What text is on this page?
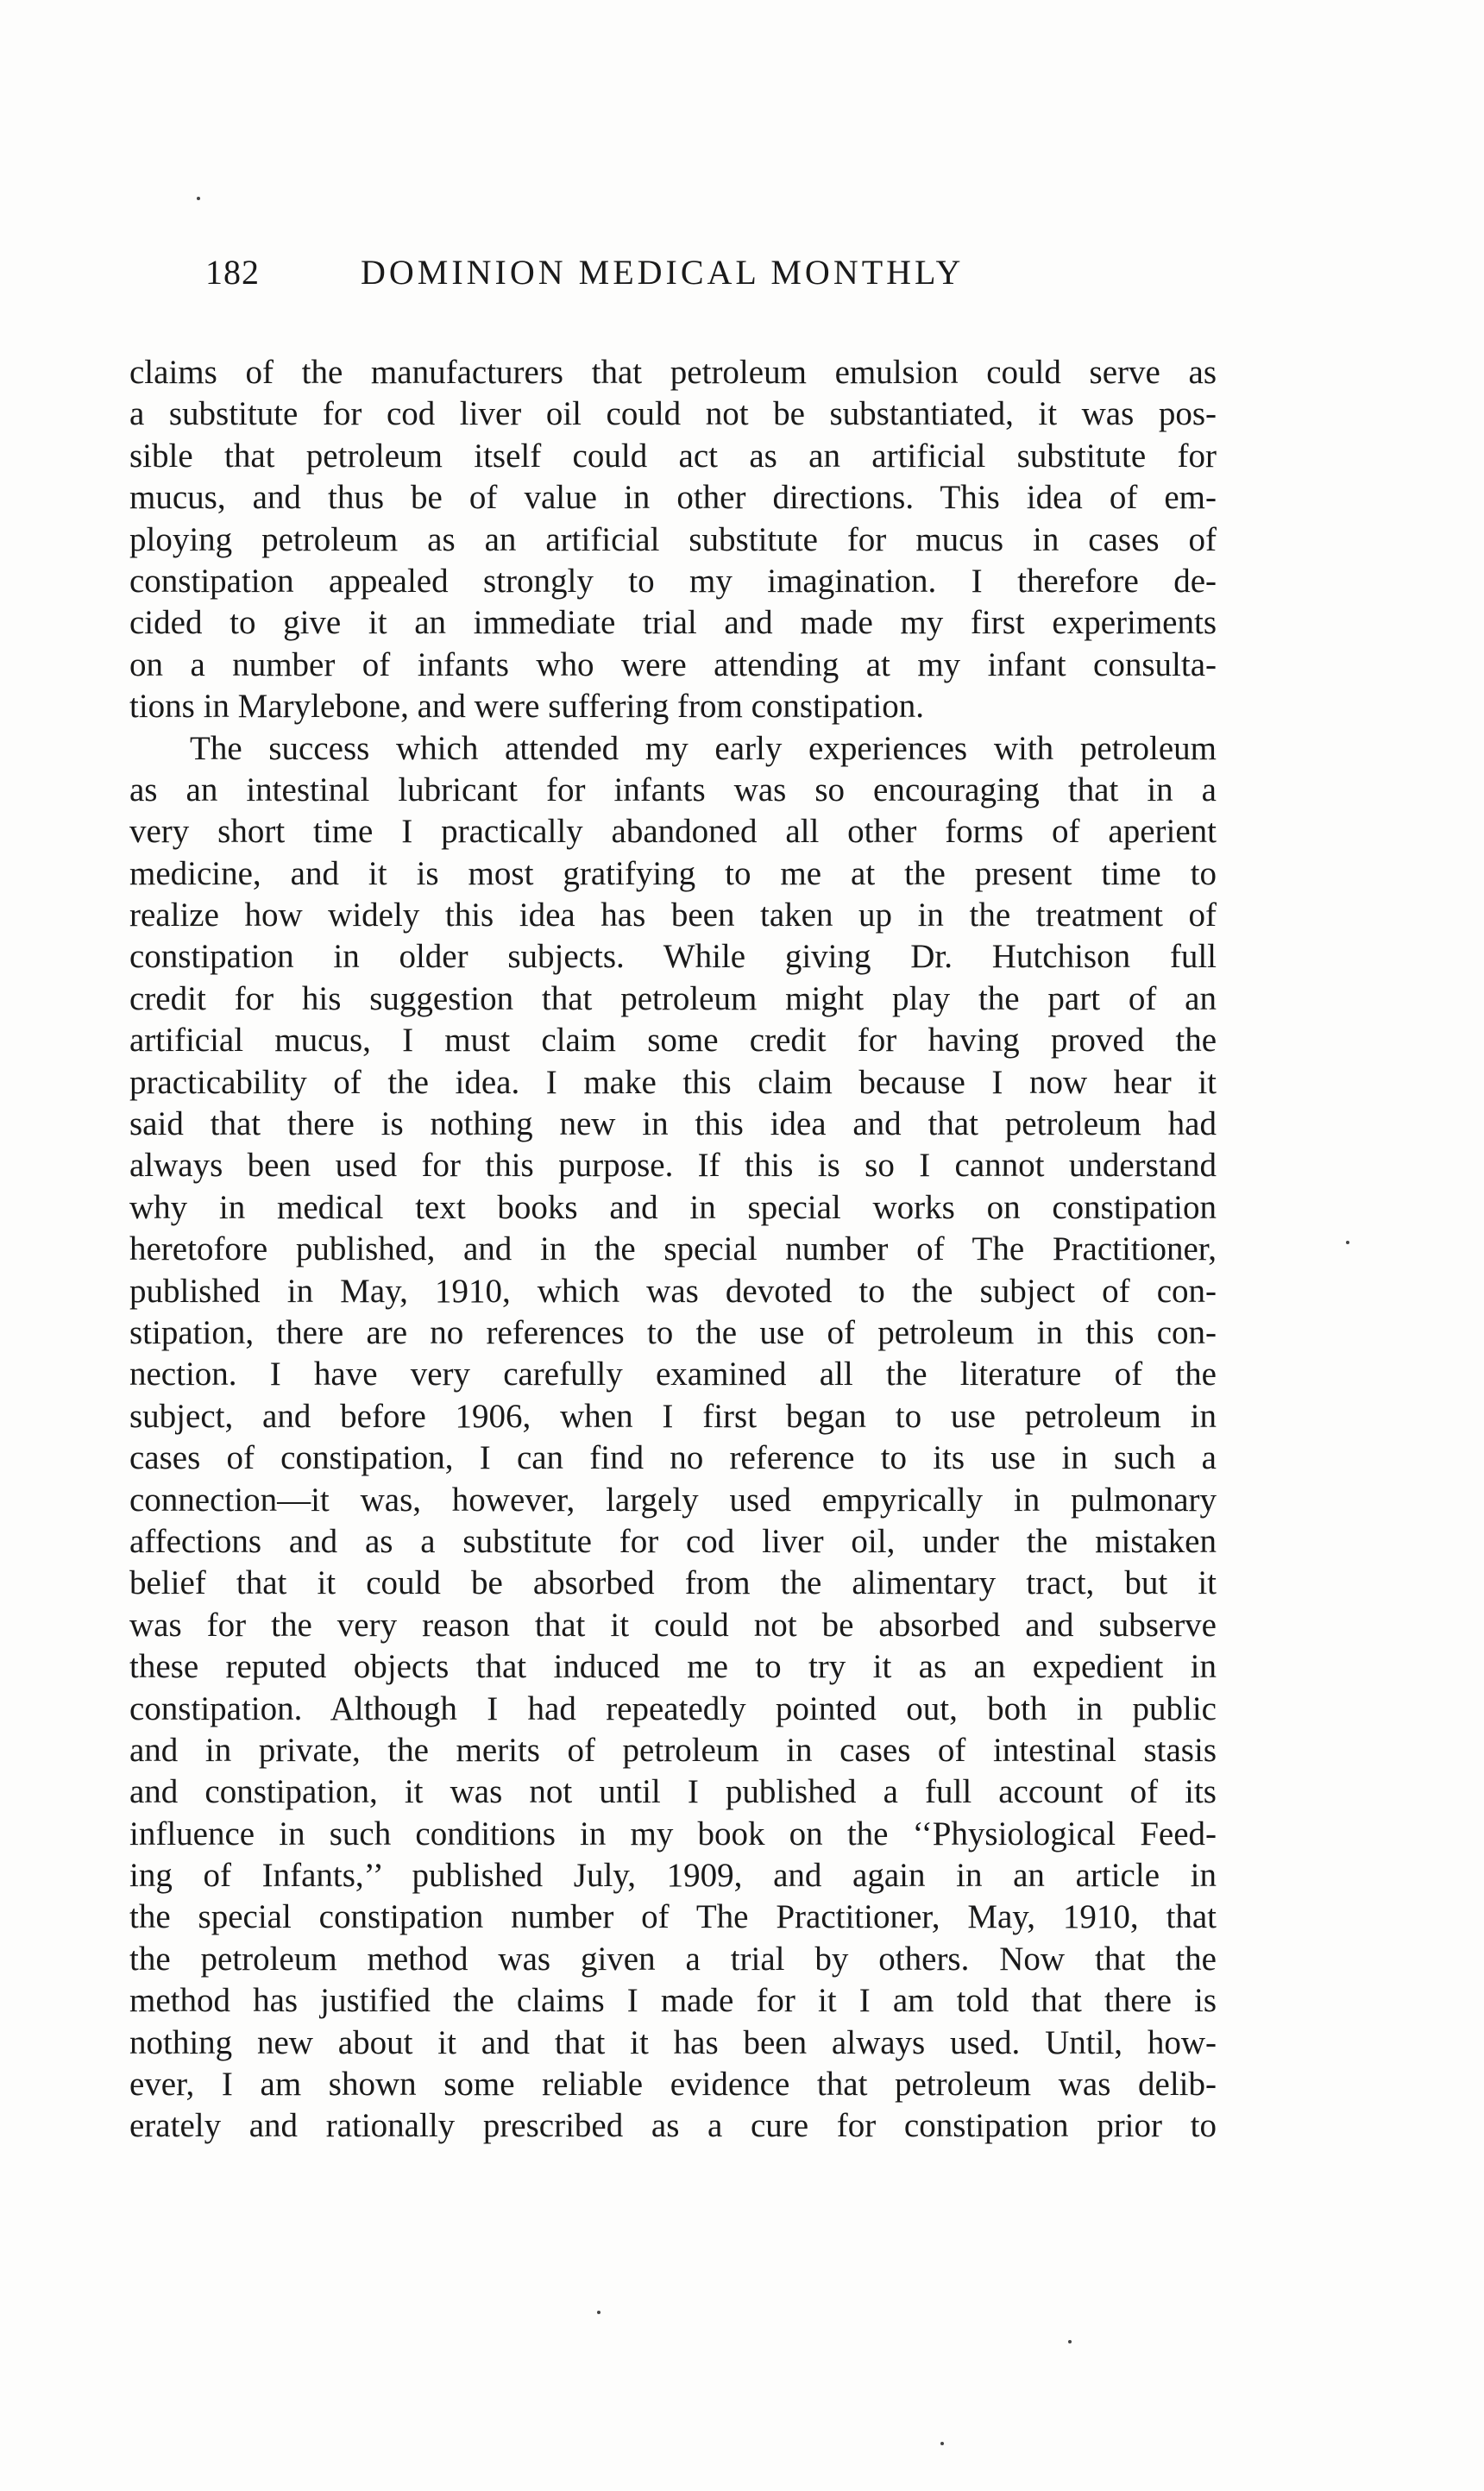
182	DOMINION MEDICAL MONTHLY
claims of the manufacturers that petroleum emulsion could serve as
a substitute for cod liver oil could not be substantiated, it was pos-
sible that petroleum itself could act as an artificial substitute for
mucus, and thus be of value in other directions. This idea of em-
ploying petroleum as an artificial substitute for mucus in cases of
constipation appealed strongly to my imagination. I therefore de-
cided to give it an immediate trial and made my first experiments
on a number of infants who were attending at my infant consulta-
tions in Marylebone, and were suffering from constipation.
The success which attended my early experiences with petroleum
as an intestinal lubricant for infants was so encouraging that in a
very short time I practically abandoned all other forms of aperient
medicine, and it is most gratifying to me at the present time to
realize how widely this idea has been taken up in the treatment of
constipation in older subjects. While giving Dr. Hutchison full
credit for his suggestion that petroleum might play the part of an
artificial mucus, I must claim some credit for having proved the
practicability of the idea. I make this claim because I now hear it
said that there is nothing new in this idea and that petroleum had
always been used for this purpose. If this is so I cannot understand
why in medical text books and in special works on constipation
heretofore published, and in the special number of The Practitioner,
published in May, 1910, which was devoted to the subject of con-
stipation, there are no references to the use of petroleum in this con-
nection. I have very carefully examined all the literature of the
subject, and before 1906, when I first began to use petroleum in
cases of constipation, I can find no reference to its use in such a
connection—it was, however, largely used empyrically in pulmonary
affections and as a substitute for cod liver oil, under the mistaken
belief that it could be absorbed from the alimentary tract, but it
was for the very reason that it could not be absorbed and subserve
these reputed objects that induced me to try it as an expedient in
constipation. Although I had repeatedly pointed out, both in public
and in private, the merits of petroleum in cases of intestinal stasis
and constipation, it was not until I published a full account of its
influence in such conditions in my book on the ‘‘Physiological Feed-
ing of Infants,’’ published July, 1909, and again in an article in
the special constipation number of The Practitioner, May, 1910, that
the petroleum method was given a trial by others. Now that the
method has justified the claims I made for it I am told that there is
nothing new about it and that it has been always used. Until, how-
ever, I am shown some reliable evidence that petroleum was delib-
erately and rationally prescribed as a cure for constipation prior to
